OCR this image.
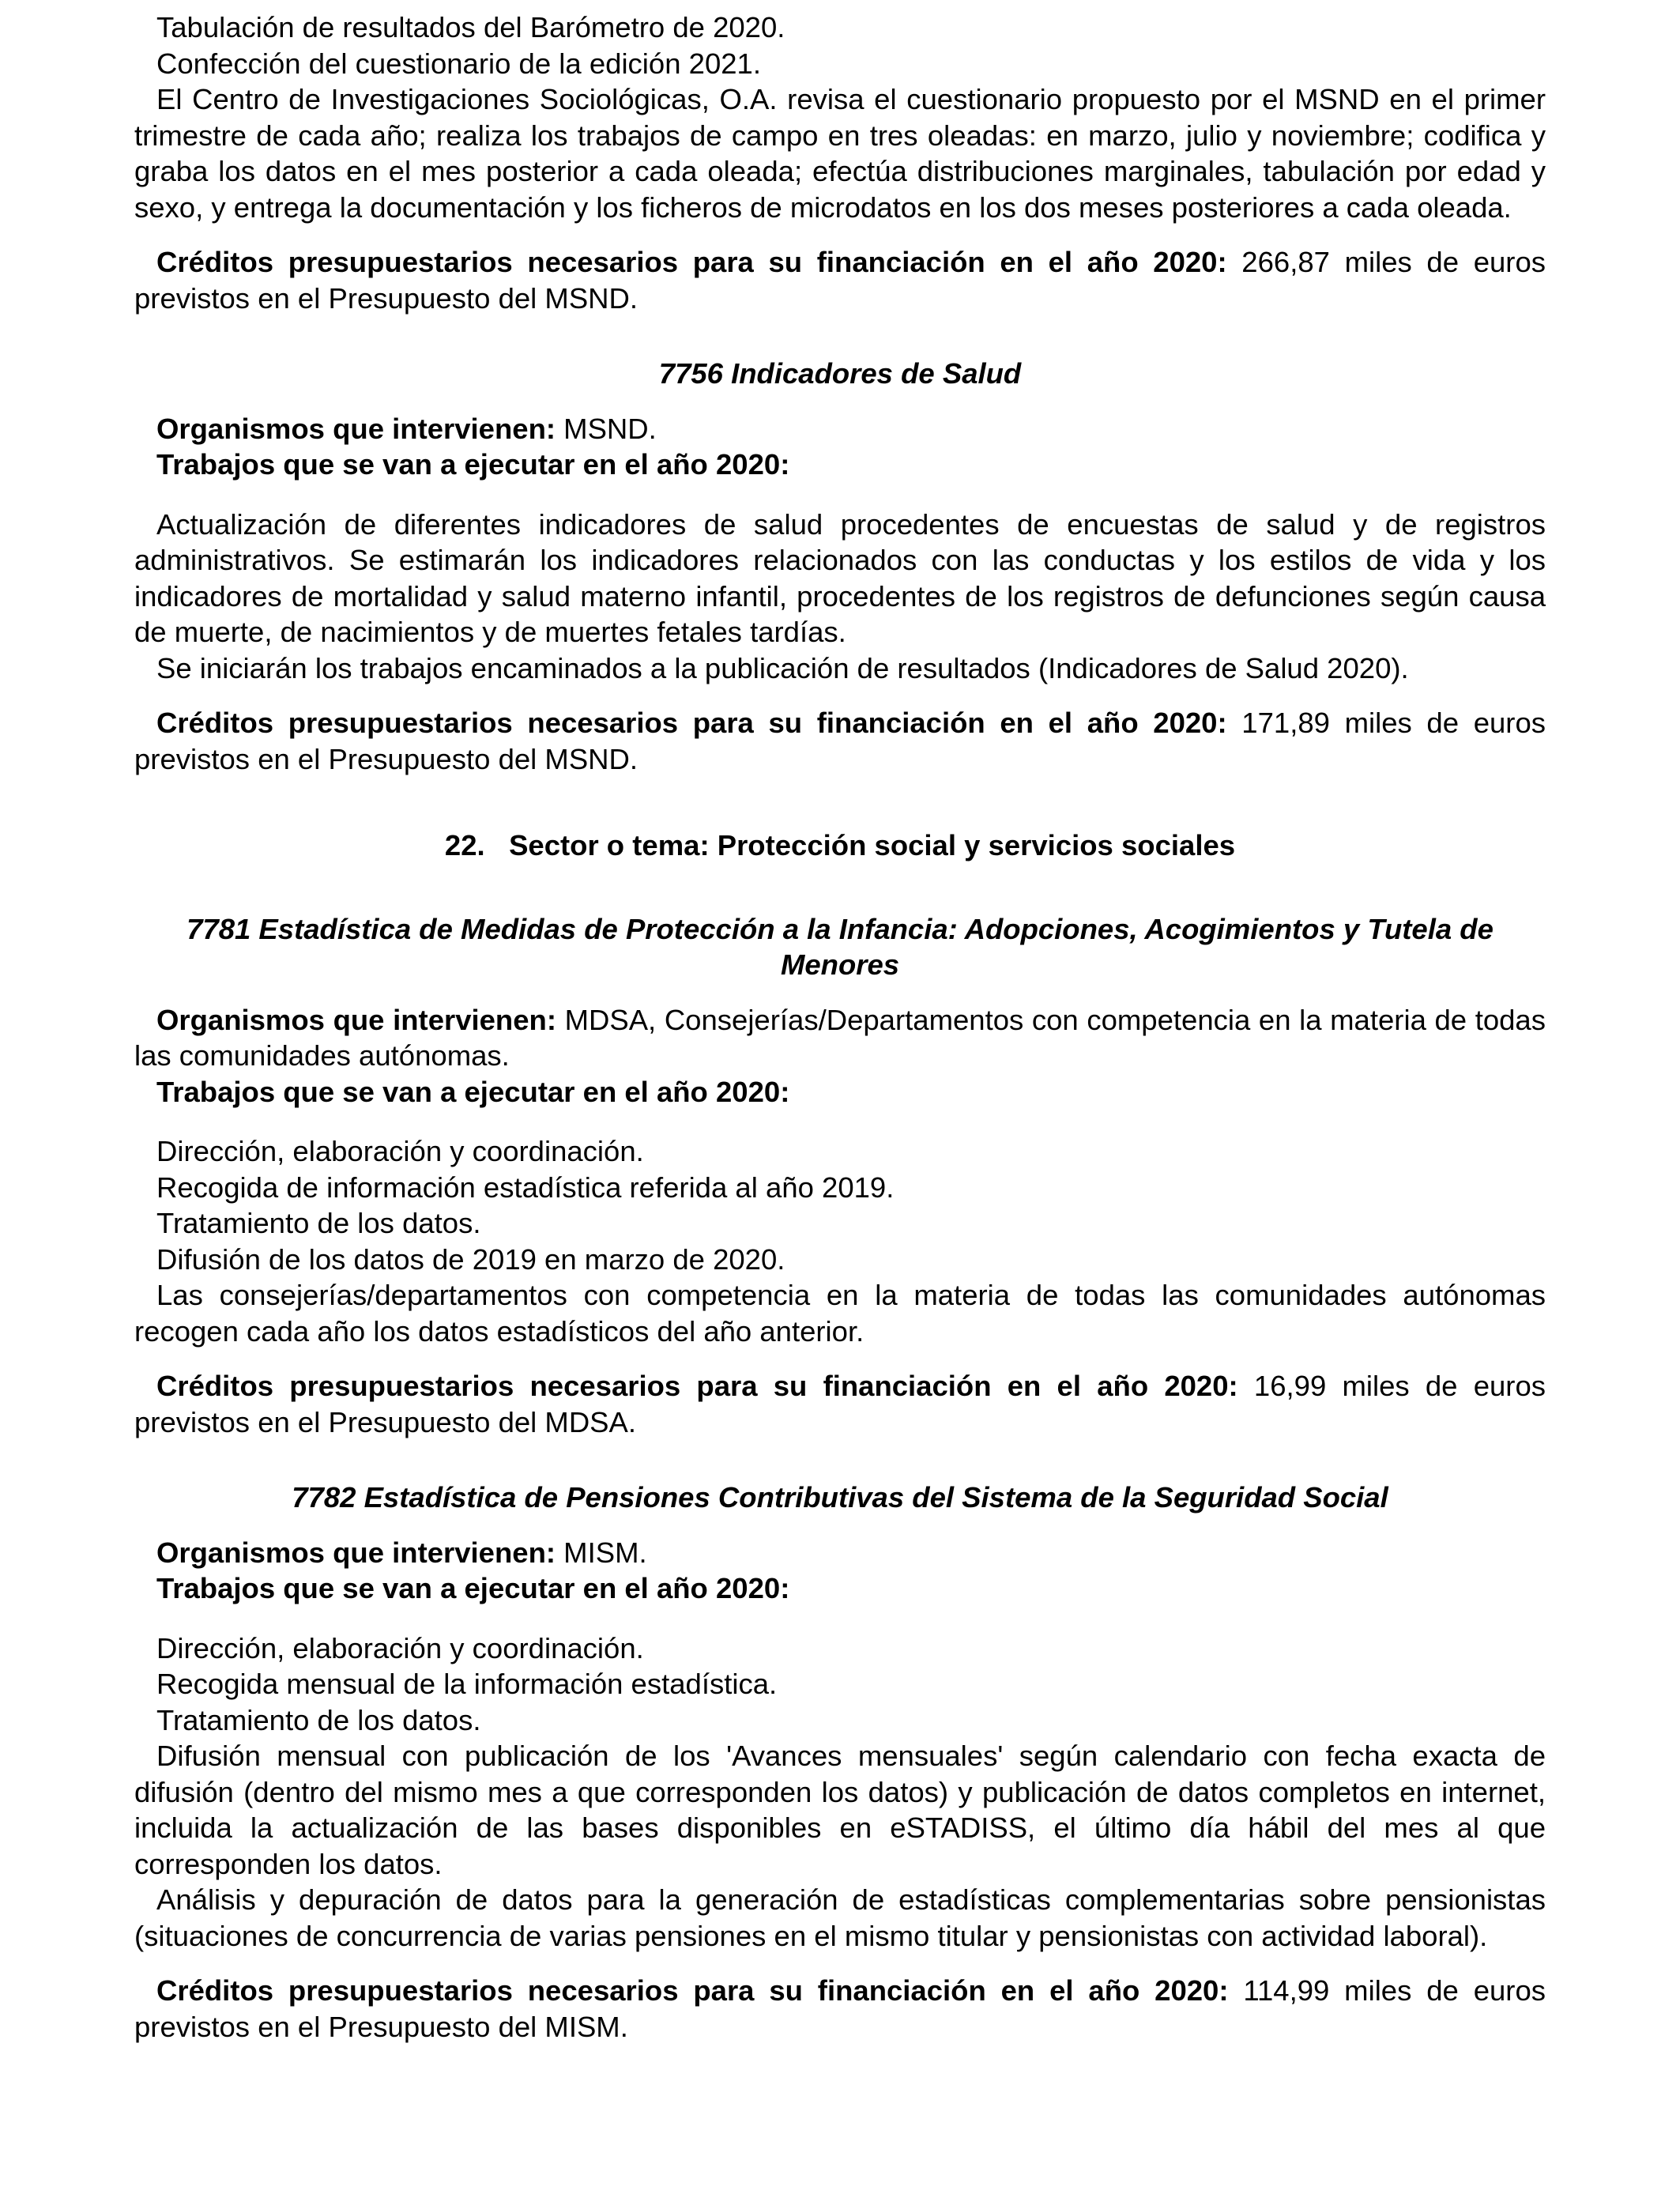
Tabulación de resultados del Barómetro de 2020.

Confección del cuestionario de la edición 2021.

El Centro de Investigaciones Sociológicas, O.A. revisa el cuestionario propuesto por el MSND en el primer trimestre de cada año; realiza los trabajos de campo en tres oleadas: en marzo, julio y noviembre; codifica y graba los datos en el mes posterior a cada oleada; efectúa distribuciones marginales, tabulación por edad y sexo, y entrega la documentación y los ficheros de microdatos en los dos meses posteriores a cada oleada.

Créditos presupuestarios necesarios para su financiación en el año 2020: 266,87 miles de euros previstos en el Presupuesto del MSND.

7756 Indicadores de Salud

Organismos que intervienen: MSND.

Trabajos que se van a ejecutar en el año 2020:

Actualización de diferentes indicadores de salud procedentes de encuestas de salud y de registros administrativos. Se estimarán los indicadores relacionados con las conductas y los estilos de vida y los indicadores de mortalidad y salud materno infantil, procedentes de los registros de defunciones según causa de muerte, de nacimientos y de muertes fetales tardías.

Se iniciarán los trabajos encaminados a la publicación de resultados (Indicadores de Salud 2020).

Créditos presupuestarios necesarios para su financiación en el año 2020: 171,89 miles de euros previstos en el Presupuesto del MSND.

22.   Sector o tema: Protección social y servicios sociales

7781 Estadística de Medidas de Protección a la Infancia: Adopciones, Acogimientos y Tutela de Menores

Organismos que intervienen: MDSA, Consejerías/Departamentos con competencia en la materia de todas las comunidades autónomas.

Trabajos que se van a ejecutar en el año 2020:

Dirección, elaboración y coordinación.

Recogida de información estadística referida al año 2019.

Tratamiento de los datos.

Difusión de los datos de 2019 en marzo de 2020.

Las consejerías/departamentos con competencia en la materia de todas las comunidades autónomas recogen cada año los datos estadísticos del año anterior.

Créditos presupuestarios necesarios para su financiación en el año 2020: 16,99 miles de euros previstos en el Presupuesto del MDSA.

7782 Estadística de Pensiones Contributivas del Sistema de la Seguridad Social

Organismos que intervienen: MISM.

Trabajos que se van a ejecutar en el año 2020:

Dirección, elaboración y coordinación.

Recogida mensual de la información estadística.

Tratamiento de los datos.

Difusión mensual con publicación de los 'Avances mensuales' según calendario con fecha exacta de difusión (dentro del mismo mes a que corresponden los datos) y publicación de datos completos en internet, incluida la actualización de las bases disponibles en eSTADISS, el último día hábil del mes al que corresponden los datos.

Análisis y depuración de datos para la generación de estadísticas complementarias sobre pensionistas (situaciones de concurrencia de varias pensiones en el mismo titular y pensionistas con actividad laboral).

Créditos presupuestarios necesarios para su financiación en el año 2020: 114,99 miles de euros previstos en el Presupuesto del MISM.
